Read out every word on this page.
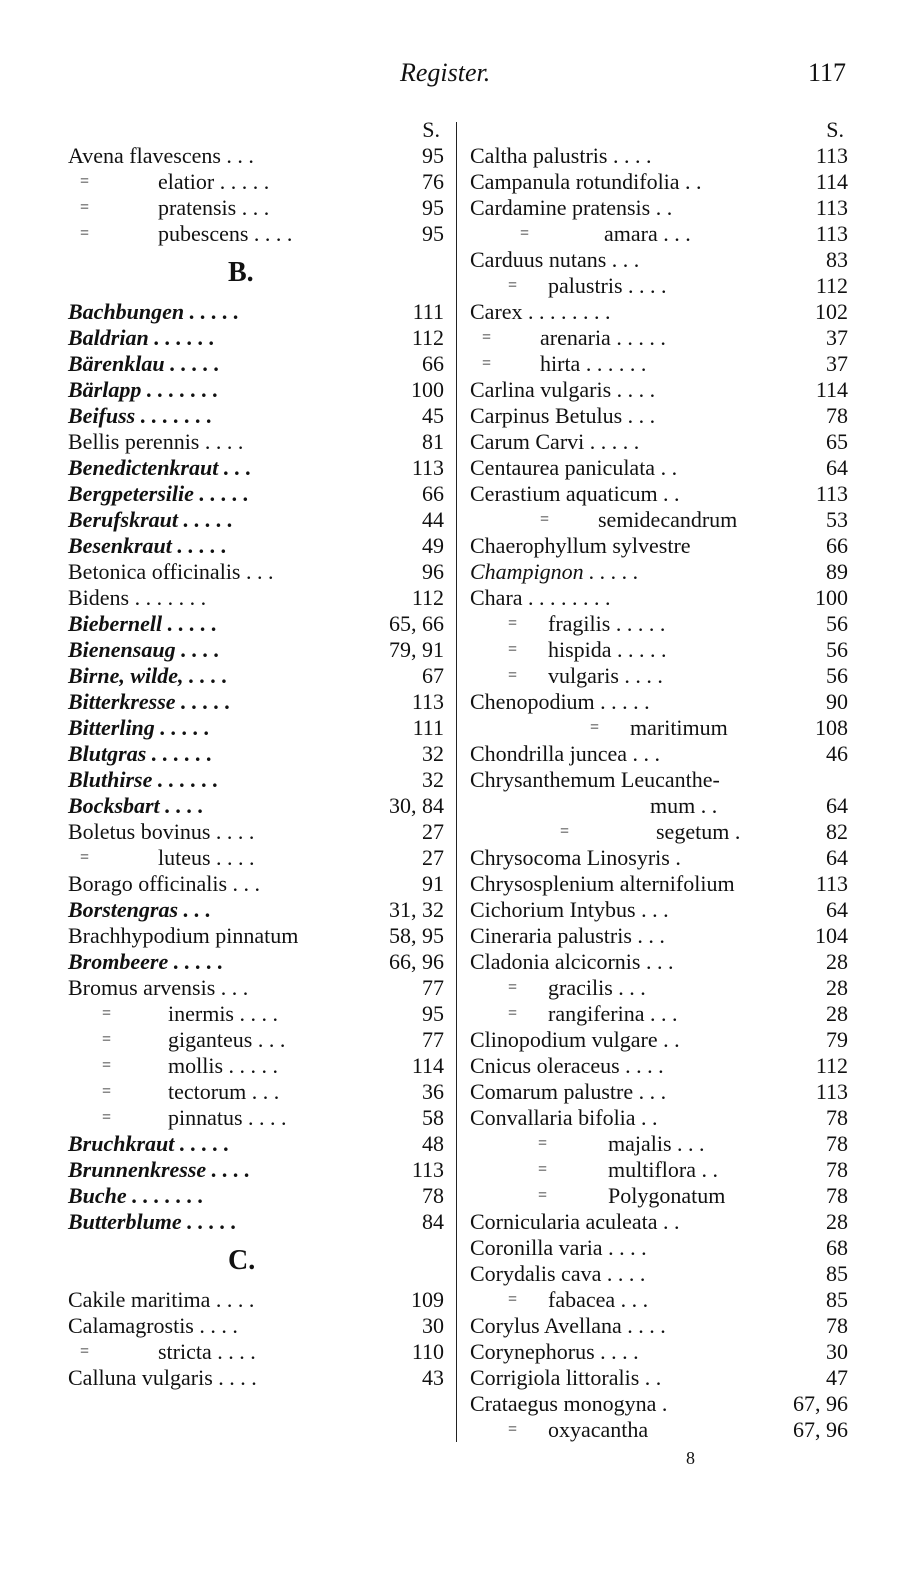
Register.	117
S.
Avena flavescens . . .	95
=	elatior . . . . .	76
=	pratensis . . .	95
=	pubescens . . . .	95
B.
Bachbungen . . . . .	111
Baldrian . . . . . .	112
Bärenklau . . . . .	66
Bärlapp . . . . . . .	100
Beifuss . . . . . . .	45
Bellis perennis . . . .	81
Benedictenkraut . . .	113
Bergpetersilie . . . . .	66
Berufskraut . . . . .	44
Besenkraut . . . . .	49
Betonica officinalis . . .	96
Bidens . . . . . . .	112
Biebernell . . . . .	65, 66
Bienensaug . . . .	79, 91
Birne, wilde, . . . .	67
Bitterkresse . . . . .	113
Bitterling . . . . .	111
Blutgras . . . . . .	32
Bluthirse . . . . . .	32
Bocksbart . . . .	30, 84
Boletus bovinus . . . .	27
=	luteus . . . .	27
Borago officinalis . . .	91
Borstengras . . .	31, 32
Brachhypodium pinnatum	58, 95
Brombeere . . . . .	66, 96
Bromus arvensis . . .	77
=	inermis . . . .	95
=	giganteus . . .	77
=	mollis . . . . .	114
=	tectorum . . .	36
=	pinnatus . . . .	58
Bruchkraut . . . . .	48
Brunnenkresse . . . .	113
Buche . . . . . . .	78
Butterblume . . . . .	84
C.
Cakile maritima . . . .	109
Calamagrostis . . . .	30
=	stricta . . . .	110
Calluna vulgaris . . . .	43
S.
Caltha palustris . . . .	113
Campanula rotundifolia . .	114
Cardamine pratensis . .	113
=	amara . . .	113
Carduus nutans . . .	83
= palustris . . . .	112
Carex . . . . . . . .	102
= arenaria . . . . .	37
= hirta . . . . . .	37
Carlina vulgaris . . . .	114
Carpinus Betulus . . .	78
Carum Carvi . . . . .	65
Centaurea paniculata . .	64
Cerastium aquaticum . .	113
= semidecandrum	53
Chaerophyllum sylvestre	66
Champignon . . . . .	89
Chara . . . . . . . .	100
= fragilis . . . . .	56
= hispida . . . . .	56
= vulgaris . . . .	56
Chenopodium . . . . .	90
= maritimum	108
Chondrilla juncea . . .	46
Chrysanthemum Leucanthe-
mum . .	64
=	segetum .	82
Chrysocoma Linosyris .	64
Chrysosplenium alternifolium	113
Cichorium Intybus . . .	64
Cineraria palustris . . .	104
Cladonia alcicornis . . .	28
= gracilis . . .	28
= rangiferina . . .	28
Clinopodium vulgare . .	79
Cnicus oleraceus . . . .	112
Comarum palustre . . .	113
Convallaria bifolia . .	78
=	majalis . . .	78
=	multiflora . .	78
=	Polygonatum	78
Cornicularia aculeata . .	28
Coronilla varia . . . .	68
Corydalis cava . . . .	85
= fabacea . . .	85
Corylus Avellana . . . .	78
Corynephorus . . . .	30
Corrigiola littoralis . .	47
Crataegus monogyna .	67, 96
= oxyacantha	67, 96
8
